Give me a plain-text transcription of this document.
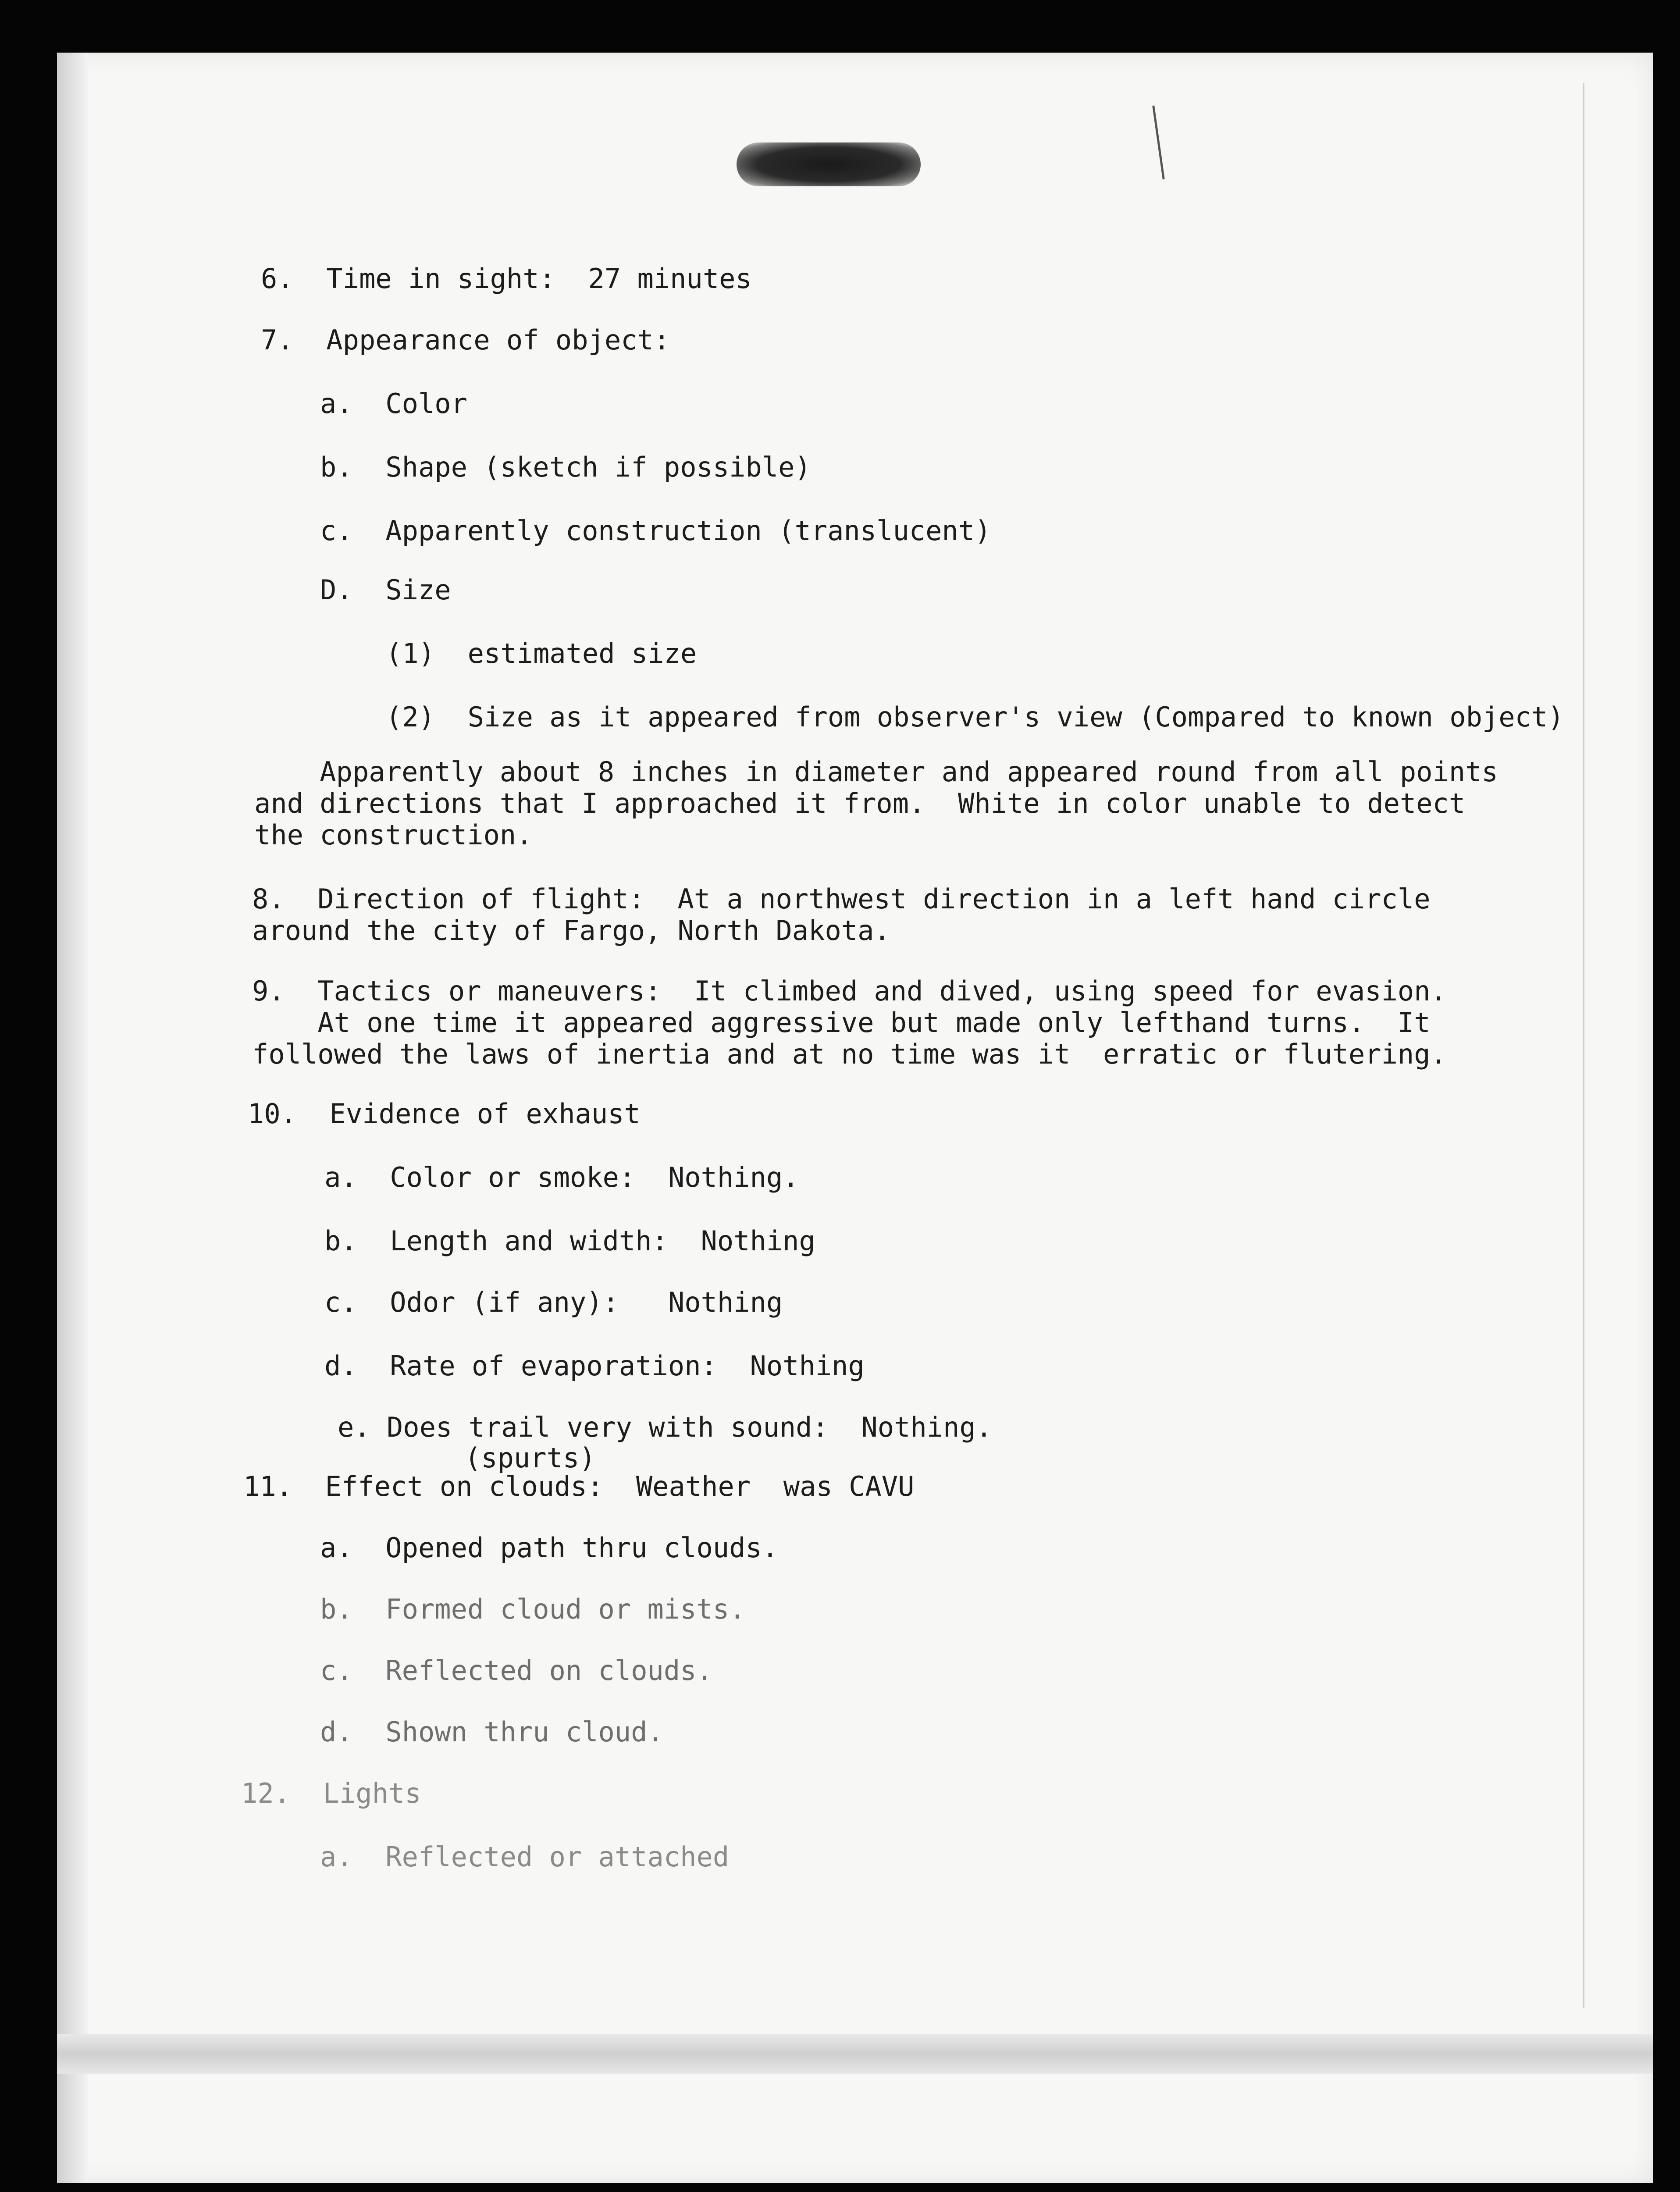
6.  Time in sight:  27 minutes
7.  Appearance of object:
a.  Color
b.  Shape (sketch if possible)
c.  Apparently construction (translucent)
D.  Size
(1)  estimated size
(2)  Size as it appeared from observer's view (Compared to known object)
Apparently about 8 inches in diameter and appeared round from all points
and directions that I approached it from.  White in color unable to detect
the construction.
8.  Direction of flight:  At a northwest direction in a left hand circle
around the city of Fargo, North Dakota.
9.  Tactics or maneuvers:  It climbed and dived, using speed for evasion.
At one time it appeared aggressive but made only lefthand turns.  It
followed the laws of inertia and at no time was it  erratic or flutering.
10.  Evidence of exhaust
a.  Color or smoke:  Nothing.
b.  Length and width:  Nothing
c.  Odor (if any):   Nothing
d.  Rate of evaporation:  Nothing
e. Does trail very with sound:  Nothing.
(spurts)
11.  Effect on clouds:  Weather  was CAVU
a.  Opened path thru clouds.
b.  Formed cloud or mists.
c.  Reflected on clouds.
d.  Shown thru cloud.
12.  Lights
a.  Reflected or attached
